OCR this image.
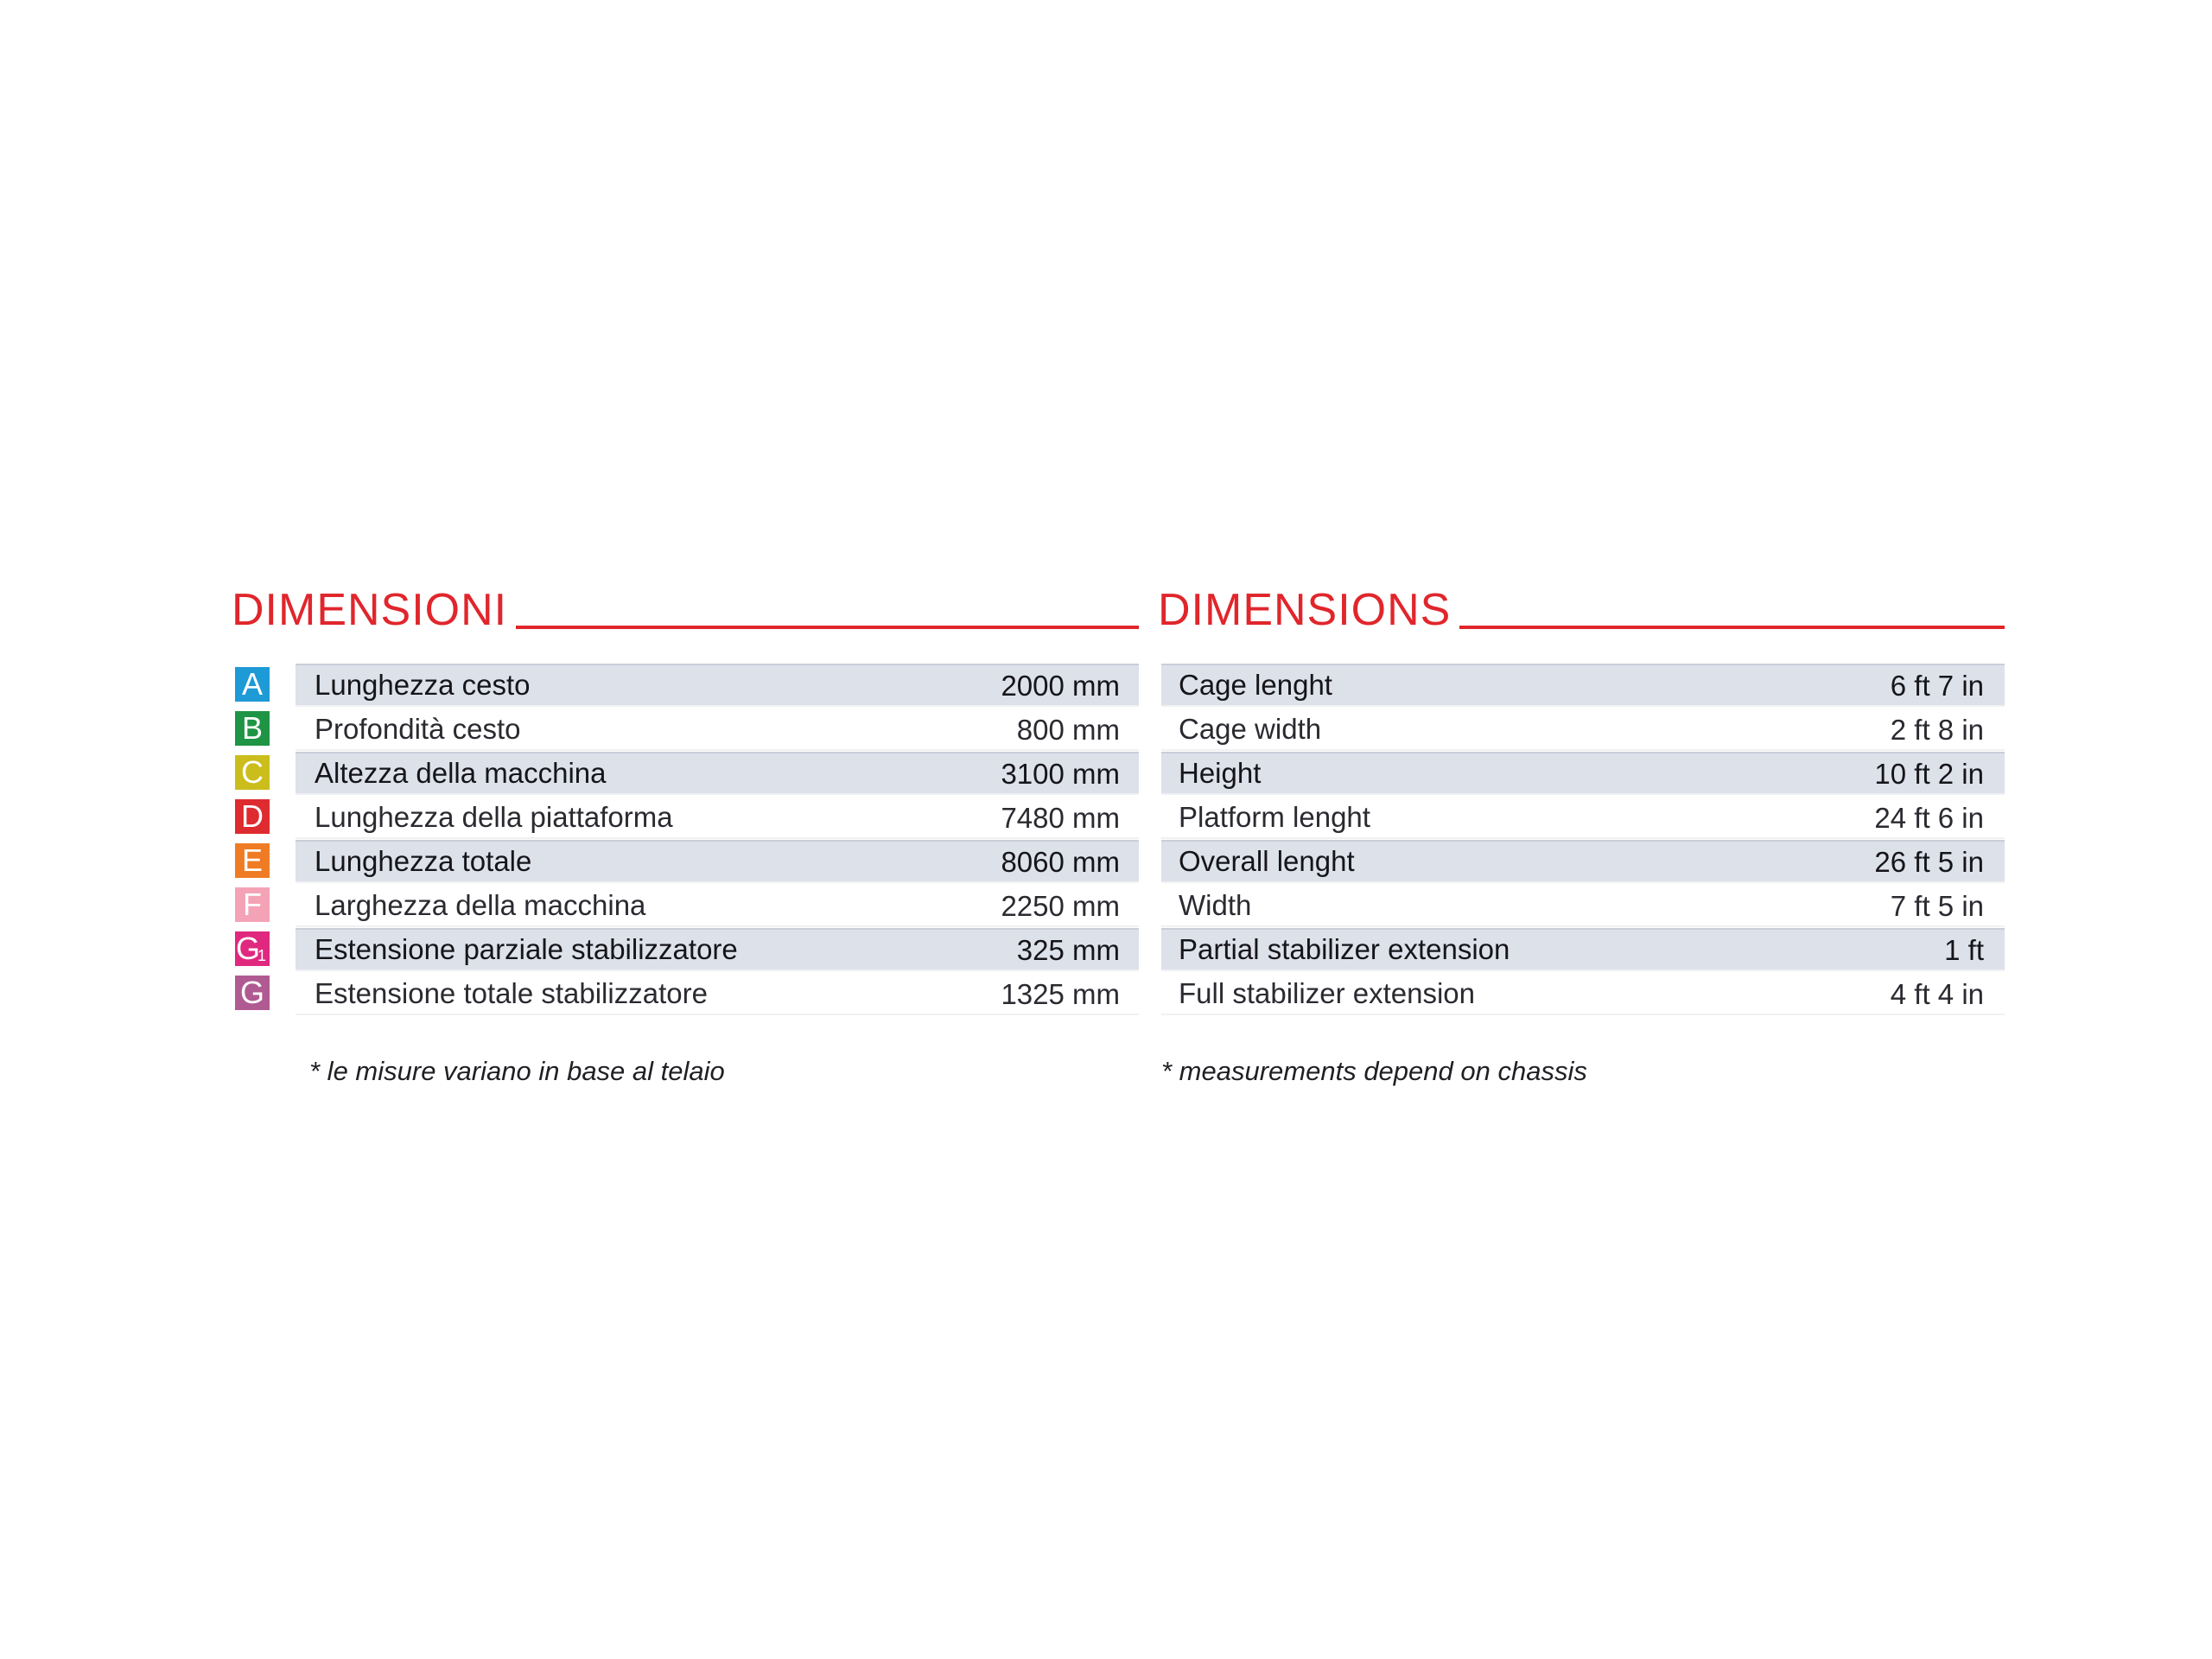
DIMENSIONI
A Lunghezza cesto	2000 mm
B Profondità cesto	800 mm
C Altezza della macchina	3100 mm
D Lunghezza della piattaforma	7480 mm
E Lunghezza totale	8060 mm
F Larghezza della macchina	2250 mm
G1 Estensione parziale stabilizzatore	325 mm
G Estensione totale stabilizzatore	1325 mm
* le misure variano in base al telaio
DIMENSIONS
Cage lenght	6 ft 7 in
Cage width	2 ft 8 in
Height	10 ft 2 in
Platform lenght	24 ft 6 in
Overall lenght	26 ft 5 in
Width	7 ft 5 in
Partial stabilizer extension	1 ft
Full stabilizer extension	4 ft 4 in
* measurements depend on chassis
